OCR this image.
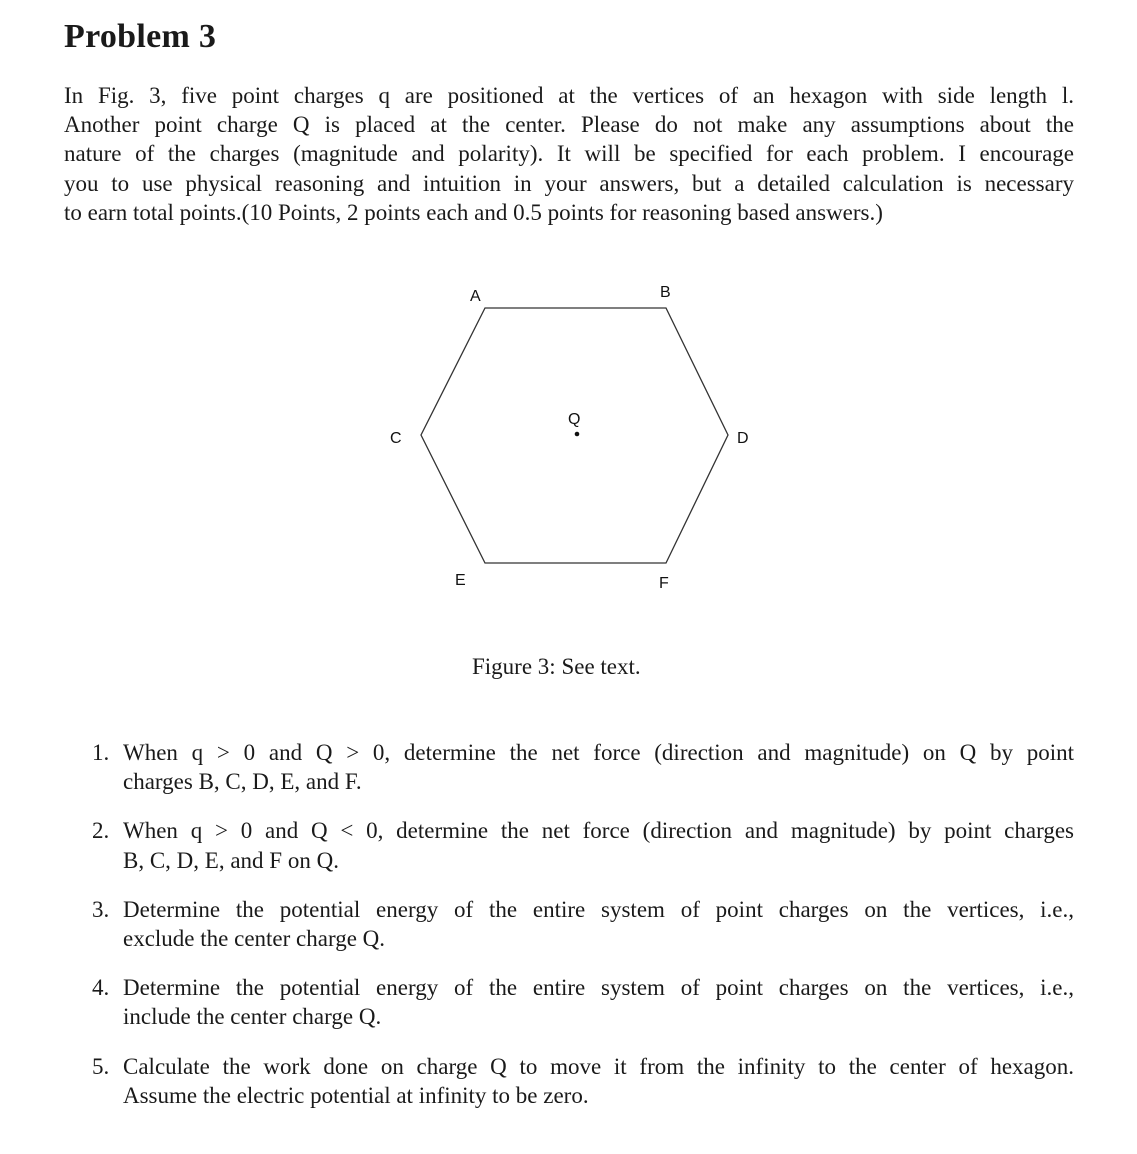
Problem 3

In Fig. 3, five point charges q are positioned at the vertices of an hexagon with side length l.
Another point charge Q is placed at the center. Please do not make any assumptions about the
nature of the charges (magnitude and polarity). It will be specified for each problem. I encourage
you to use physical reasoning and intuition in your answers, but a detailed calculation is necessary
to earn total points.(10 Points, 2 points each and 0.5 points for reasoning based answers.)

A	B
C	D
E	F
Q

Figure 3: See text.

1. When q > 0 and Q > 0, determine the net force (direction and magnitude) on Q by point
charges B, C, D, E, and F.
2. When q > 0 and Q < 0, determine the net force (direction and magnitude) by point charges
B, C, D, E, and F on Q.
3. Determine the potential energy of the entire system of point charges on the vertices, i.e.,
exclude the center charge Q.
4. Determine the potential energy of the entire system of point charges on the vertices, i.e.,
include the center charge Q.
5. Calculate the work done on charge Q to move it from the infinity to the center of hexagon.
Assume the electric potential at infinity to be zero.
